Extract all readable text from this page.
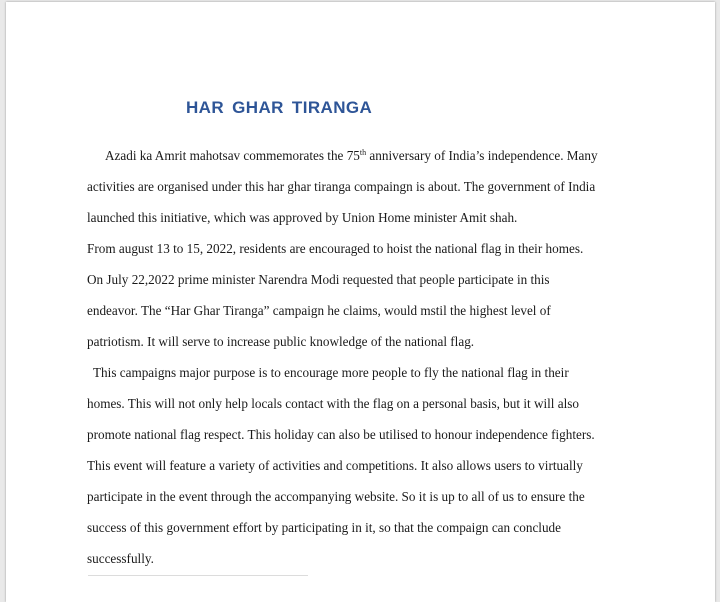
HAR GHAR TIRANGA

Azadi ka Amrit mahotsav commemorates the 75th anniversary of India’s independence. Many

activities are organised under this har ghar tiranga compaingn is about. The government of India

launched this initiative, which was approved by Union Home minister Amit shah.

From august 13 to 15, 2022, residents are encouraged to hoist the national flag in their homes.

On July 22,2022 prime minister Narendra Modi requested that people participate in this

endeavor. The “Har Ghar Tiranga” campaign he claims, would mstil the highest level of

patriotism. It will serve to increase public knowledge of the national flag.

This campaigns major purpose is to encourage more people to fly the national flag in their

homes. This will not only help locals contact with the flag on a personal basis, but it will also

promote national flag respect. This holiday can also be utilised to honour independence fighters.

This event will feature a variety of activities and competitions. It also allows users to virtually

participate in the event through the accompanying website. So it is up to all of us to ensure the

success of this government effort by participating in it, so that the compaign can conclude

successfully.
